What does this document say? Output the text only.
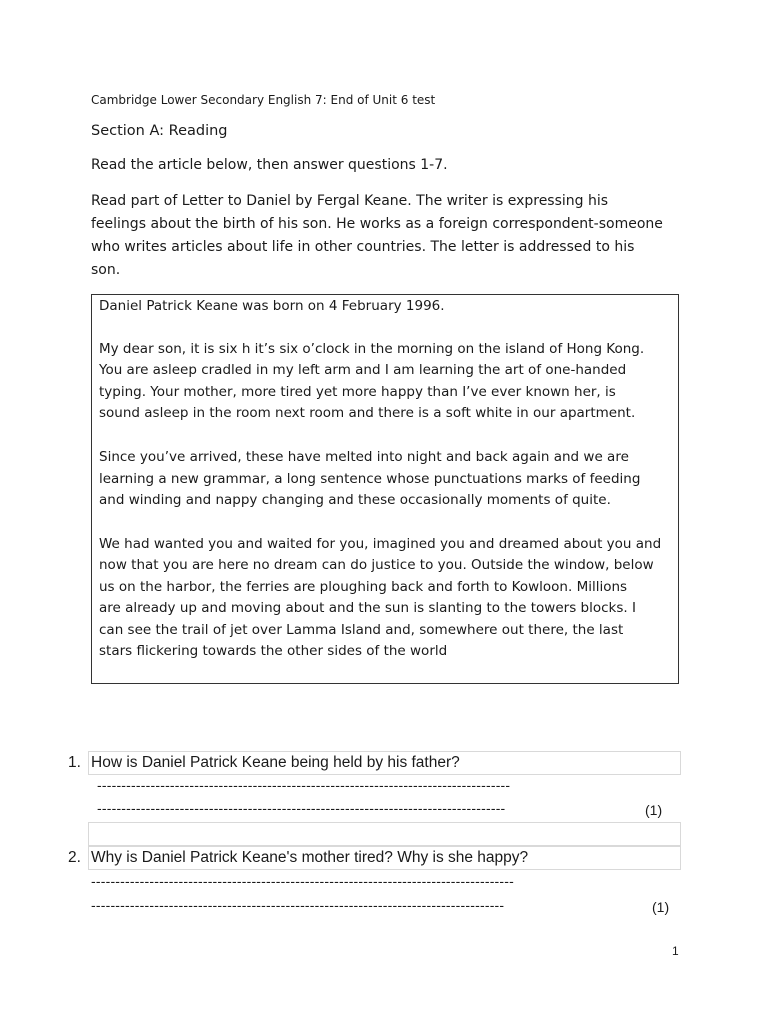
Cambridge Lower Secondary English 7: End of Unit 6 test
Section A: Reading
Read the article below, then answer questions 1-7.
Read part of Letter to Daniel by Fergal Keane. The writer is expressing his
feelings about the birth of his son. He works as a foreign correspondent-someone
who writes articles about life in other countries. The letter is addressed to his
son.
Daniel Patrick Keane was born on 4 February 1996.
My dear son, it is six h it’s six o’clock in the morning on the island of Hong Kong.
You are asleep cradled in my left arm and I am learning the art of one-handed
typing. Your mother, more tired yet more happy than I’ve ever known her, is
sound asleep in the room next room and there is a soft white in our apartment.
Since you’ve arrived, these have melted into night and back again and we are
learning a new grammar, a long sentence whose punctuations marks of feeding
and winding and nappy changing and these occasionally moments of quite.
We had wanted you and waited for you, imagined you and dreamed about you and
now that you are here no dream can do justice to you. Outside the window, below
us on the harbor, the ferries are ploughing back and forth to Kowloon. Millions
are already up and moving about and the sun is slanting to the towers blocks. I
can see the trail of jet over Lamma Island and, somewhere out there, the last
stars flickering towards the other sides of the world
1. How is Daniel Patrick Keane being held by his father?
-------------------------------------------------------------------------------------
------------------------------------------------------------------------------------	(1)
2. Why is Daniel Patrick Keane's mother tired? Why is she happy?
---------------------------------------------------------------------------------------
-------------------------------------------------------------------------------------	(1)
1
